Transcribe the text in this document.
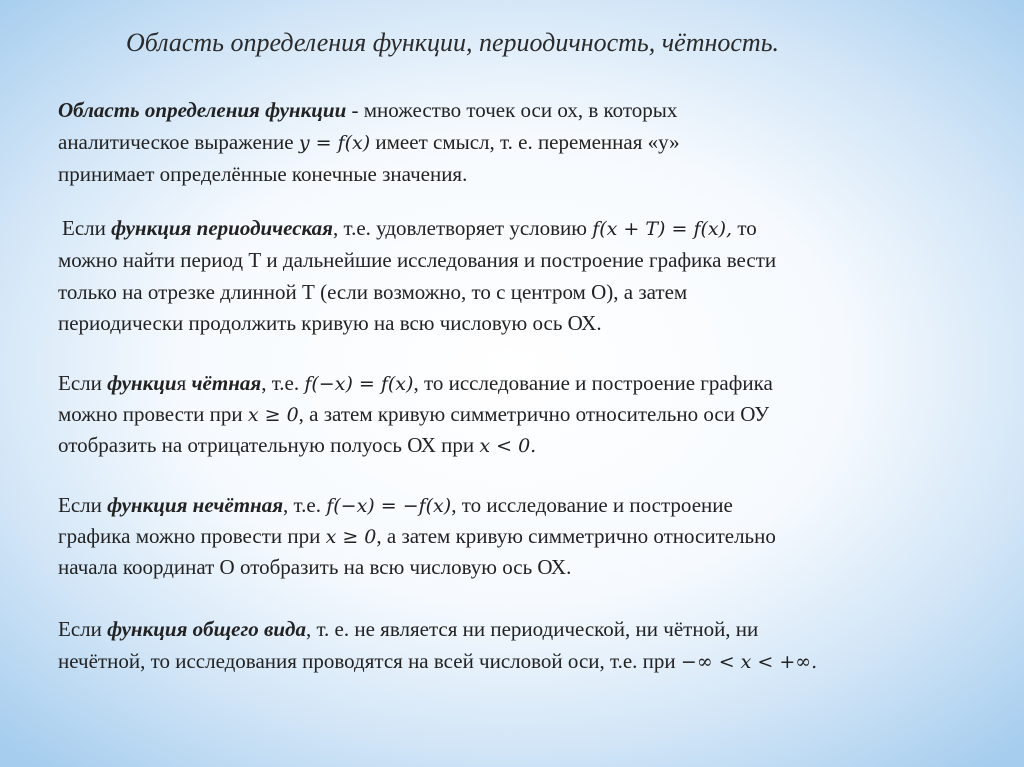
Область определения функции, периодичность, чётность.
Область определения функции - множество точек оси ох, в которых
аналитическое выражение y = f(x) имеет смысл, т. е. переменная «у»
принимает определённые конечные значения.
Если функция периодическая, т.е. удовлетворяет условию f(x + T) = f(x), то
можно найти период Т и дальнейшие исследования и построение графика вести
только на отрезке длинной Т (если возможно, то с центром О), а затем
периодически продолжить кривую на всю числовую ось ОХ.
Если функция чётная, т.е. f(−x) = f(x), то исследование и построение графика
можно провести при x ≥ 0, а затем кривую симметрично относительно оси ОУ
отобразить на отрицательную полуось ОХ при x < 0.
Если функция нечётная, т.е. f(−x) = −f(x), то исследование и построение
графика можно провести при x ≥ 0, а затем кривую симметрично относительно
начала координат О отобразить на всю числовую ось ОХ.
Если функция общего вида, т. е. не является ни периодической, ни чётной, ни
нечётной, то исследования проводятся на всей числовой оси, т.е. при −∞ < x < +∞.
